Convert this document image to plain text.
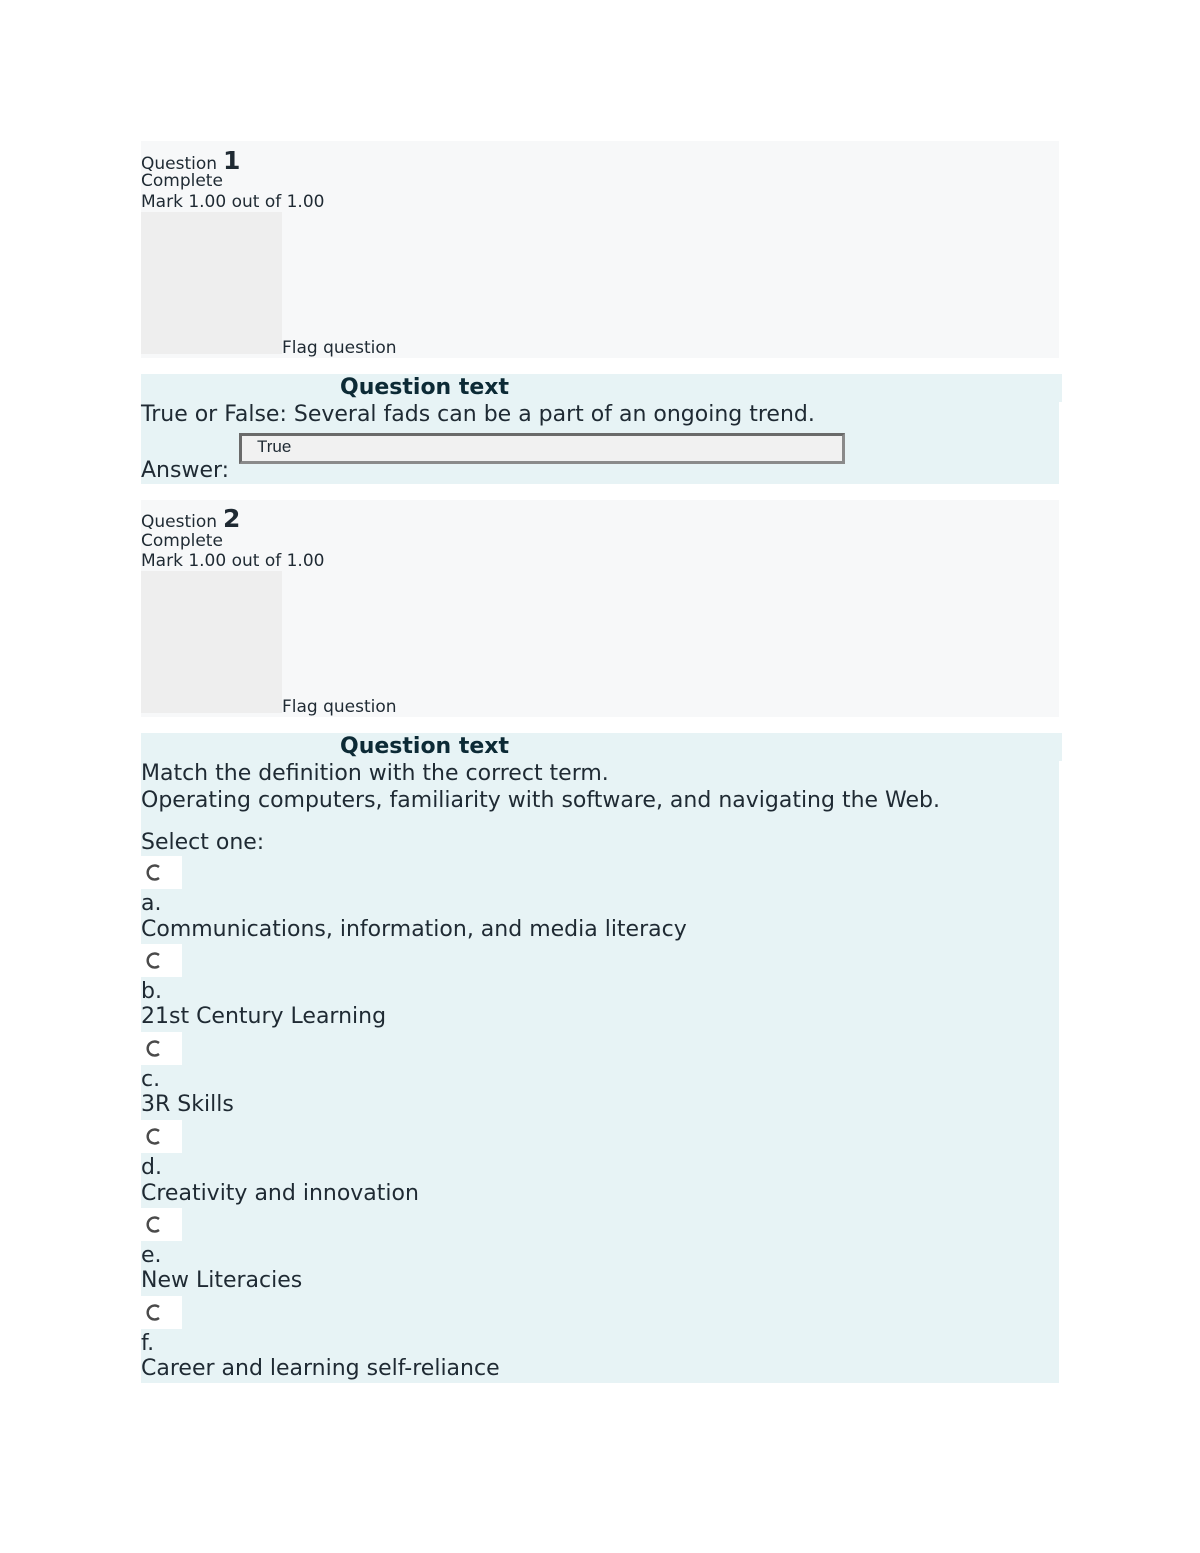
Question 1
Complete
Mark 1.00 out of 1.00
Flag question
Question text
True or False: Several fads can be a part of an ongoing trend.
Answer:
True
Question 2
Complete
Mark 1.00 out of 1.00
Flag question
Question text
Match the definition with the correct term.
Operating computers, familiarity with software, and navigating the Web.
Select one:
a.
Communications, information, and media literacy
b.
21st Century Learning
c.
3R Skills
d.
Creativity and innovation
e.
New Literacies
f.
Career and learning self-reliance
